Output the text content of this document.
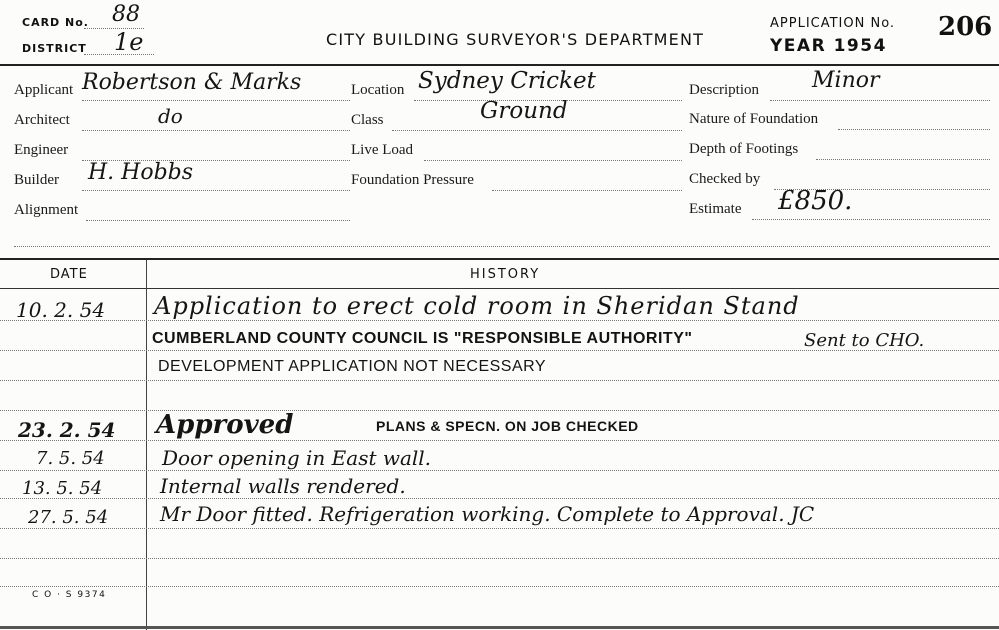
CARD No. 88
DISTRICT 1e	CITY BUILDING SURVEYOR'S DEPARTMENT
APPLICATION No. 206
YEAR 1954
Applicant Robertson & Marks
Architect	do
Engineer
Builder H. Hobbs
Alignment
Location Sydney Cricket
Class	Ground
Live Load
Foundation Pressure
Description Minor
Nature of Foundation
Depth of Footings
Checked by
Estimate £850.
DATE	HISTORY
10. 2. 54 Application to erect cold room in Sheridan Stand
CUMBERLAND COUNTY COUNCIL IS "RESPONSIBLE AUTHORITY"	Sent to CHO.
DEVELOPMENT APPLICATION NOT NECESSARY
23. 2. 54 Approved	PLANS & SPECN. ON JOB CHECKED
7. 5. 54	Door opening in East wall.
13. 5. 54	Internal walls rendered.
27. 5. 54	Mr Door fitted. Refrigeration working. Complete to Approval. JC
C O · S 9374
